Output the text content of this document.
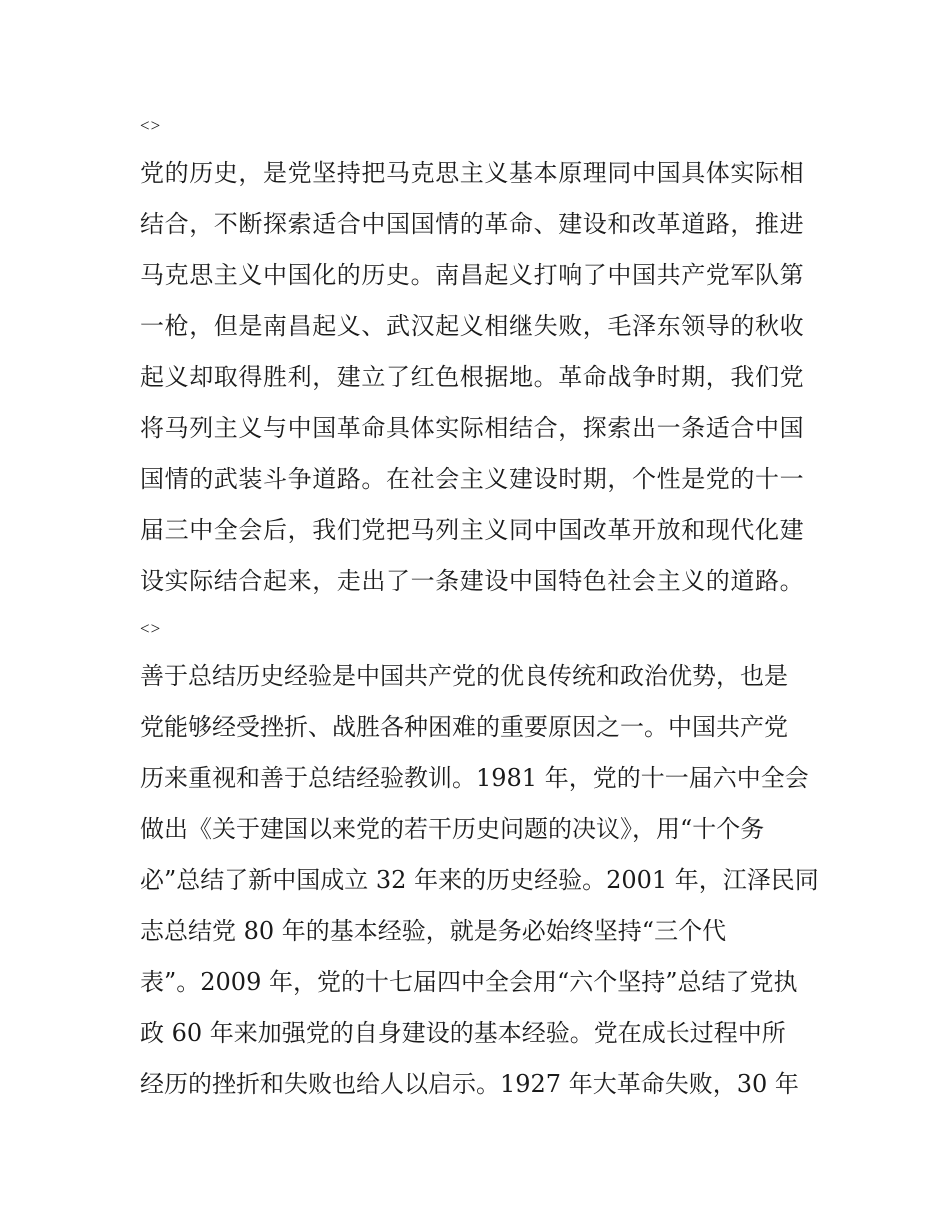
<>
党的历史，是党坚持把马克思主义基本原理同中国具体实际相
结合，不断探索适合中国国情的革命、建设和改革道路，推进
马克思主义中国化的历史。南昌起义打响了中国共产党军队第
一枪，但是南昌起义、武汉起义相继失败，毛泽东领导的秋收
起义却取得胜利，建立了红色根据地。革命战争时期，我们党
将马列主义与中国革命具体实际相结合，探索出一条适合中国
国情的武装斗争道路。在社会主义建设时期，个性是党的十一
届三中全会后，我们党把马列主义同中国改革开放和现代化建
设实际结合起来，走出了一条建设中国特色社会主义的道路。
<>
善于总结历史经验是中国共产党的优良传统和政治优势，也是
党能够经受挫折、战胜各种困难的重要原因之一。中国共产党
历来重视和善于总结经验教训。1981 年，党的十一届六中全会
做出《关于建国以来党的若干历史问题的决议》，用“十个务
必”总结了新中国成立 32 年来的历史经验。2001 年，江泽民同
志总结党 80 年的基本经验，就是务必始终坚持“三个代
表”。2009 年，党的十七届四中全会用“六个坚持”总结了党执
政 60 年来加强党的自身建设的基本经验。党在成长过程中所
经历的挫折和失败也给人以启示。1927 年大革命失败，30 年
